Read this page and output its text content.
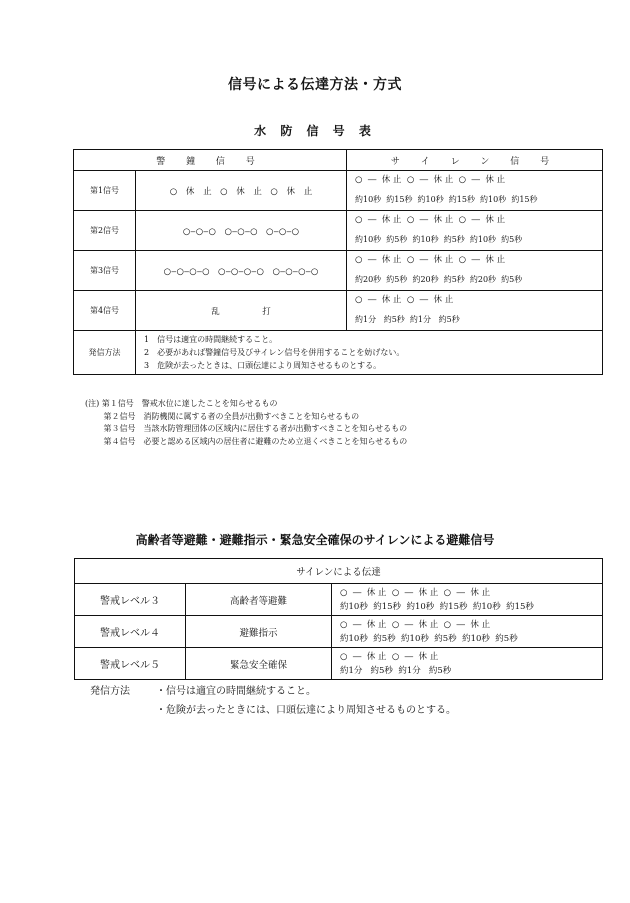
信号による伝達方法・方式
水 防 信 号 表
警 鐘 信 号		サ イ レ ン 信 号
第1信号	○ 休 止　○ 休 止　○ 休 止	○  ―  休 止  ○  ―  休 止  ○  ―  休 止
約10秒  約15秒  約10秒  約15秒  約10秒  約15秒

第2信号	○‒○‒○　○‒○‒○　○‒○‒○	○  ―  休 止  ○  ―  休 止  ○  ―  休 止
約10秒  約5秒  約10秒  約5秒  約10秒  約5秒

第3信号	○‒○‒○‒○　○‒○‒○‒○　○‒○‒○‒○	○  ―  休 止  ○  ―  休 止  ○  ―  休 止
約20秒  約5秒  約20秒  約5秒  約20秒  約5秒

第4信号	乱　　　　　打	○  ―  休 止  ○  ―  休 止
約1分   約5秒  約1分   約5秒

発信方法	1　信号は適宜の時間継続すること。
2　必要があれば警鐘信号及びサイレン信号を併用することを妨げない。
3　危険が去ったときは、口頭伝達により周知させるものとする。	
(注) 第１信号　警戒水位に達したことを知らせるもの
　　 第２信号　消防機関に属する者の全員が出動すべきことを知らせるもの
　　 第３信号　当該水防管理団体の区域内に居住する者が出動すべきことを知らせるもの
　　 第４信号　必要と認める区域内の居住者に避難のため立退くべきことを知らせるもの
高齢者等避難・避難指示・緊急安全確保のサイレンによる避難信号
サイレンによる伝達		
警戒レベル３	高齢者等避難	○  ―  休 止  ○  ―  休 止  ○  ―  休 止
約10秒  約15秒  約10秒  約15秒  約10秒  約15秒

警戒レベル４	避難指示	○  ―  休 止  ○  ―  休 止  ○  ―  休 止
約10秒  約5秒  約10秒  約5秒  約10秒  約5秒

警戒レベル５	緊急安全確保	○  ―  休 止  ○  ―  休 止
約1分   約5秒  約1分   約5秒
発信方法	・信号は適宜の時間継続すること。
・危険が去ったときには、口頭伝達により周知させるものとする。
